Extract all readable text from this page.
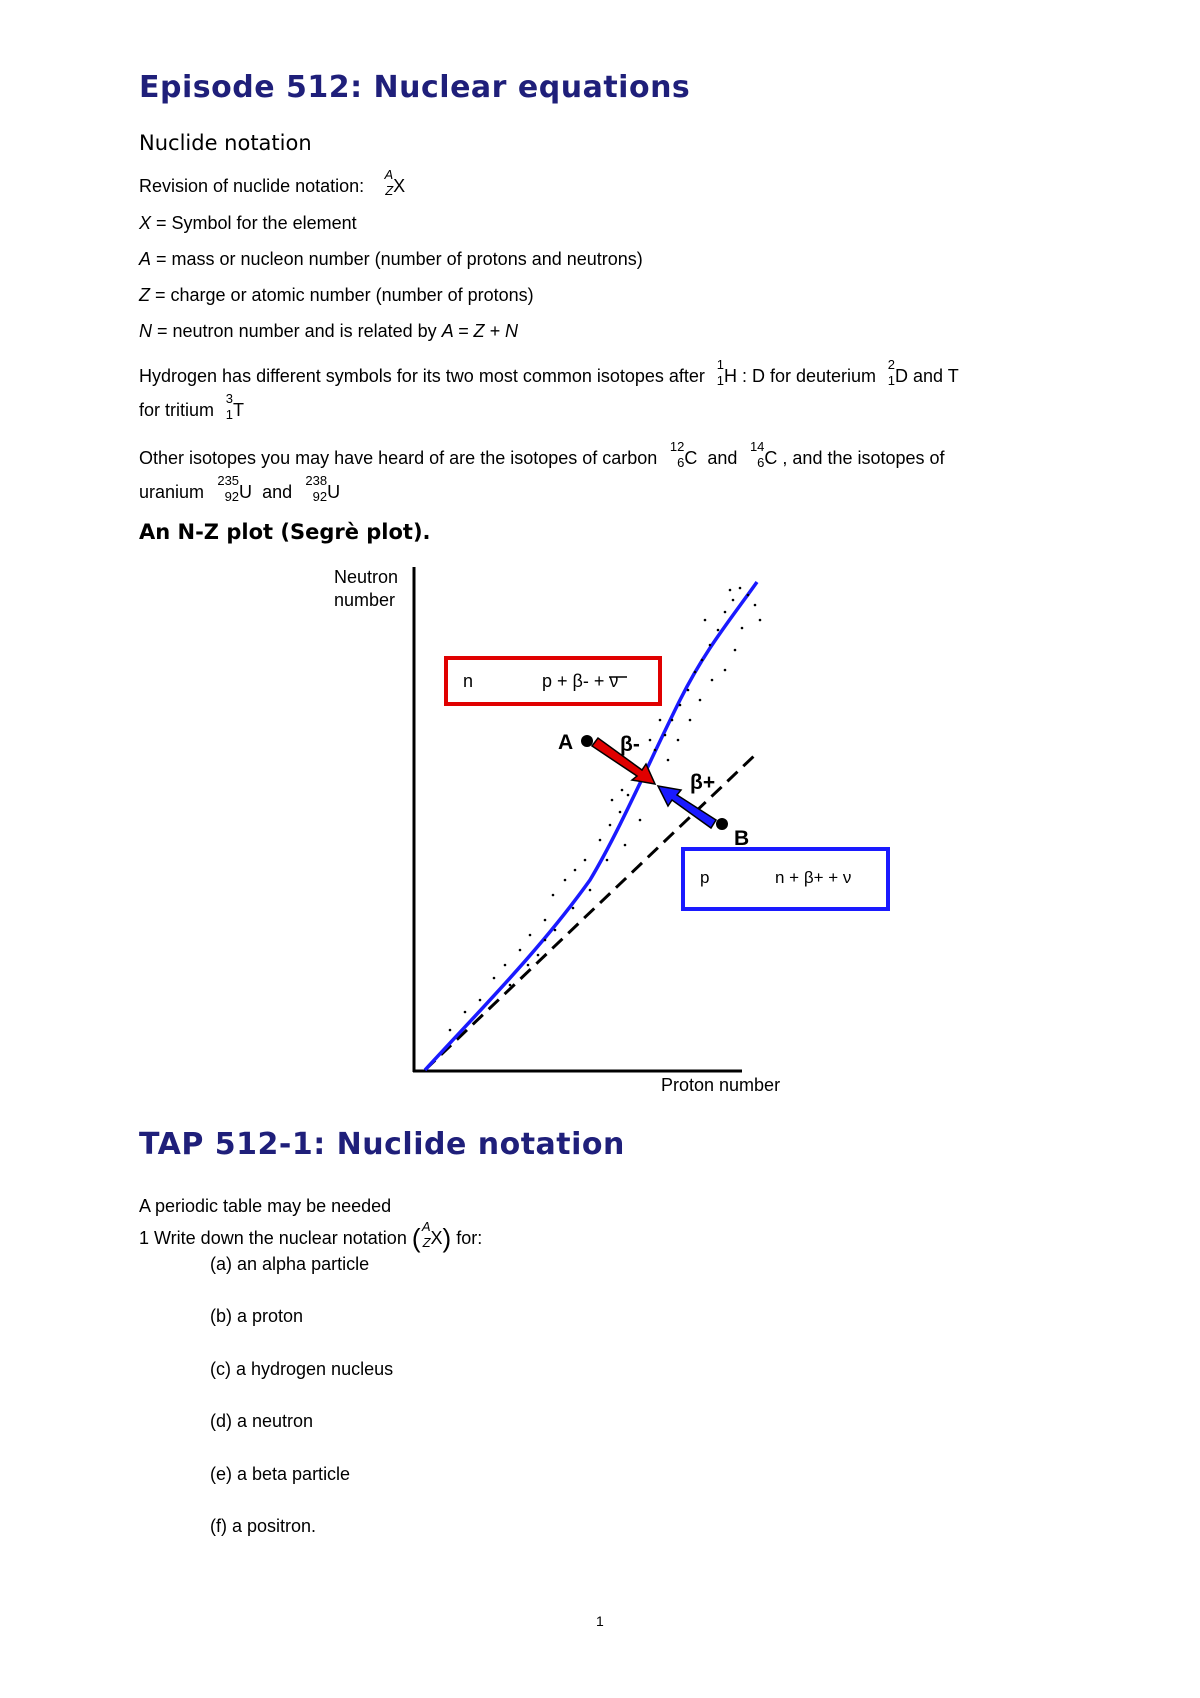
Episode 512: Nuclear equations
Nuclide notation
Revision of nuclide notation:
A
Z X
X = Symbol for the element
A = mass or nucleon number (number of protons and neutrons)
Z = charge or atomic number (number of protons)
N = neutron number and is related by A = Z + N
Hydrogen has different symbols for its two most common isotopes after
1
1 H : D for deuterium
2
1 D and T
for tritium
3
1 T
Other isotopes you may have heard of are the isotopes of carbon
12
6 C and
14
6 C , and the isotopes of
uranium
235
92 U and
238
92 U
An N-Z plot (Segrè plot).
Neutron
number
Proton number
n	p + β- + ν
p	n + β+ + ν
A β-
B
β+
TAP 512-1: Nuclide notation
A periodic table may be needed
1 Write down the nuclear notation ( A
Z X) for:
(a) an alpha particle
(b) a proton
(c) a hydrogen nucleus
(d) a neutron
(e) a beta particle
(f) a positron.
1
